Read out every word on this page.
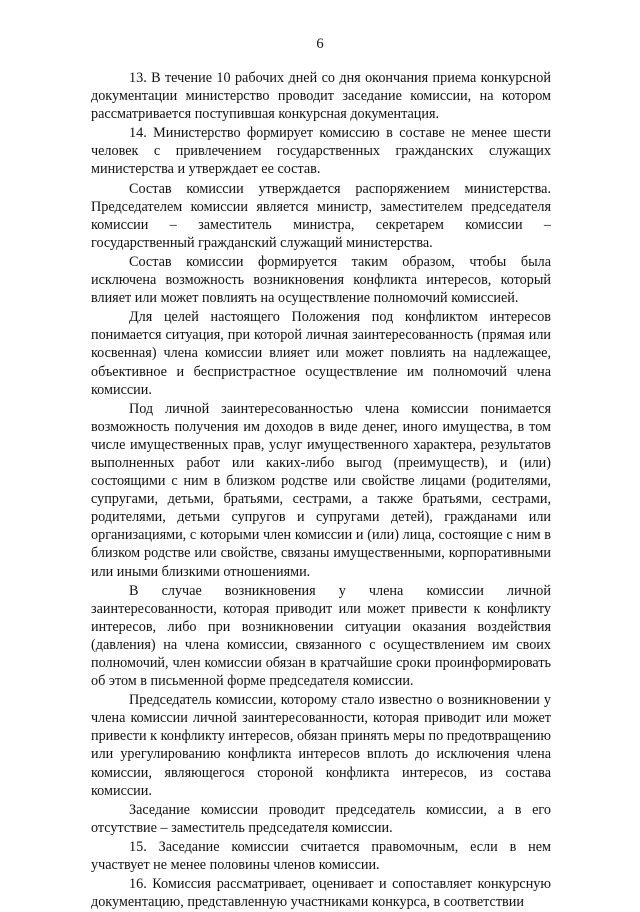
6

13. В течение 10 рабочих дней со дня окончания приема конкурсной документации министерство проводит заседание комиссии, на котором рассматривается поступившая конкурсная документация.

14. Министерство формирует комиссию в составе не менее шести человек с привлечением государственных гражданских служащих министерства и утверждает ее состав.

Состав комиссии утверждается распоряжением министерства. Председателем комиссии является министр, заместителем председателя комиссии – заместитель министра, секретарем комиссии – государственный гражданский служащий министерства.

Состав комиссии формируется таким образом, чтобы была исключена возможность возникновения конфликта интересов, который влияет или может повлиять на осуществление полномочий комиссией.

Для целей настоящего Положения под конфликтом интересов понимается ситуация, при которой личная заинтересованность (прямая или косвенная) члена комиссии влияет или может повлиять на надлежащее, объективное и беспристрастное осуществление им полномочий члена комиссии.

Под личной заинтересованностью члена комиссии понимается возможность получения им доходов в виде денег, иного имущества, в том числе имущественных прав, услуг имущественного характера, результатов выполненных работ или каких-либо выгод (преимуществ), и (или) состоящими с ним в близком родстве или свойстве лицами (родителями, супругами, детьми, братьями, сестрами, а также братьями, сестрами, родителями, детьми супругов и супругами детей), гражданами или организациями, с которыми член комиссии и (или) лица, состоящие с ним в близком родстве или свойстве, связаны имущественными, корпоративными или иными близкими отношениями.

В случае возникновения у члена комиссии личной заинтересованности, которая приводит или может привести к конфликту интересов, либо при возникновении ситуации оказания воздействия (давления) на члена комиссии, связанного с осуществлением им своих полномочий, член комиссии обязан в кратчайшие сроки проинформировать об этом в письменной форме председателя комиссии.

Председатель комиссии, которому стало известно о возникновении у члена комиссии личной заинтересованности, которая приводит или может привести к конфликту интересов, обязан принять меры по предотвращению или урегулированию конфликта интересов вплоть до исключения члена комиссии, являющегося стороной конфликта интересов, из состава комиссии.

Заседание комиссии проводит председатель комиссии, а в его отсутствие – заместитель председателя комиссии.

15. Заседание комиссии считается правомочным, если в нем участвует не менее половины членов комиссии.

16. Комиссия рассматривает, оценивает и сопоставляет конкурсную документацию, представленную участниками конкурса, в соответствии
